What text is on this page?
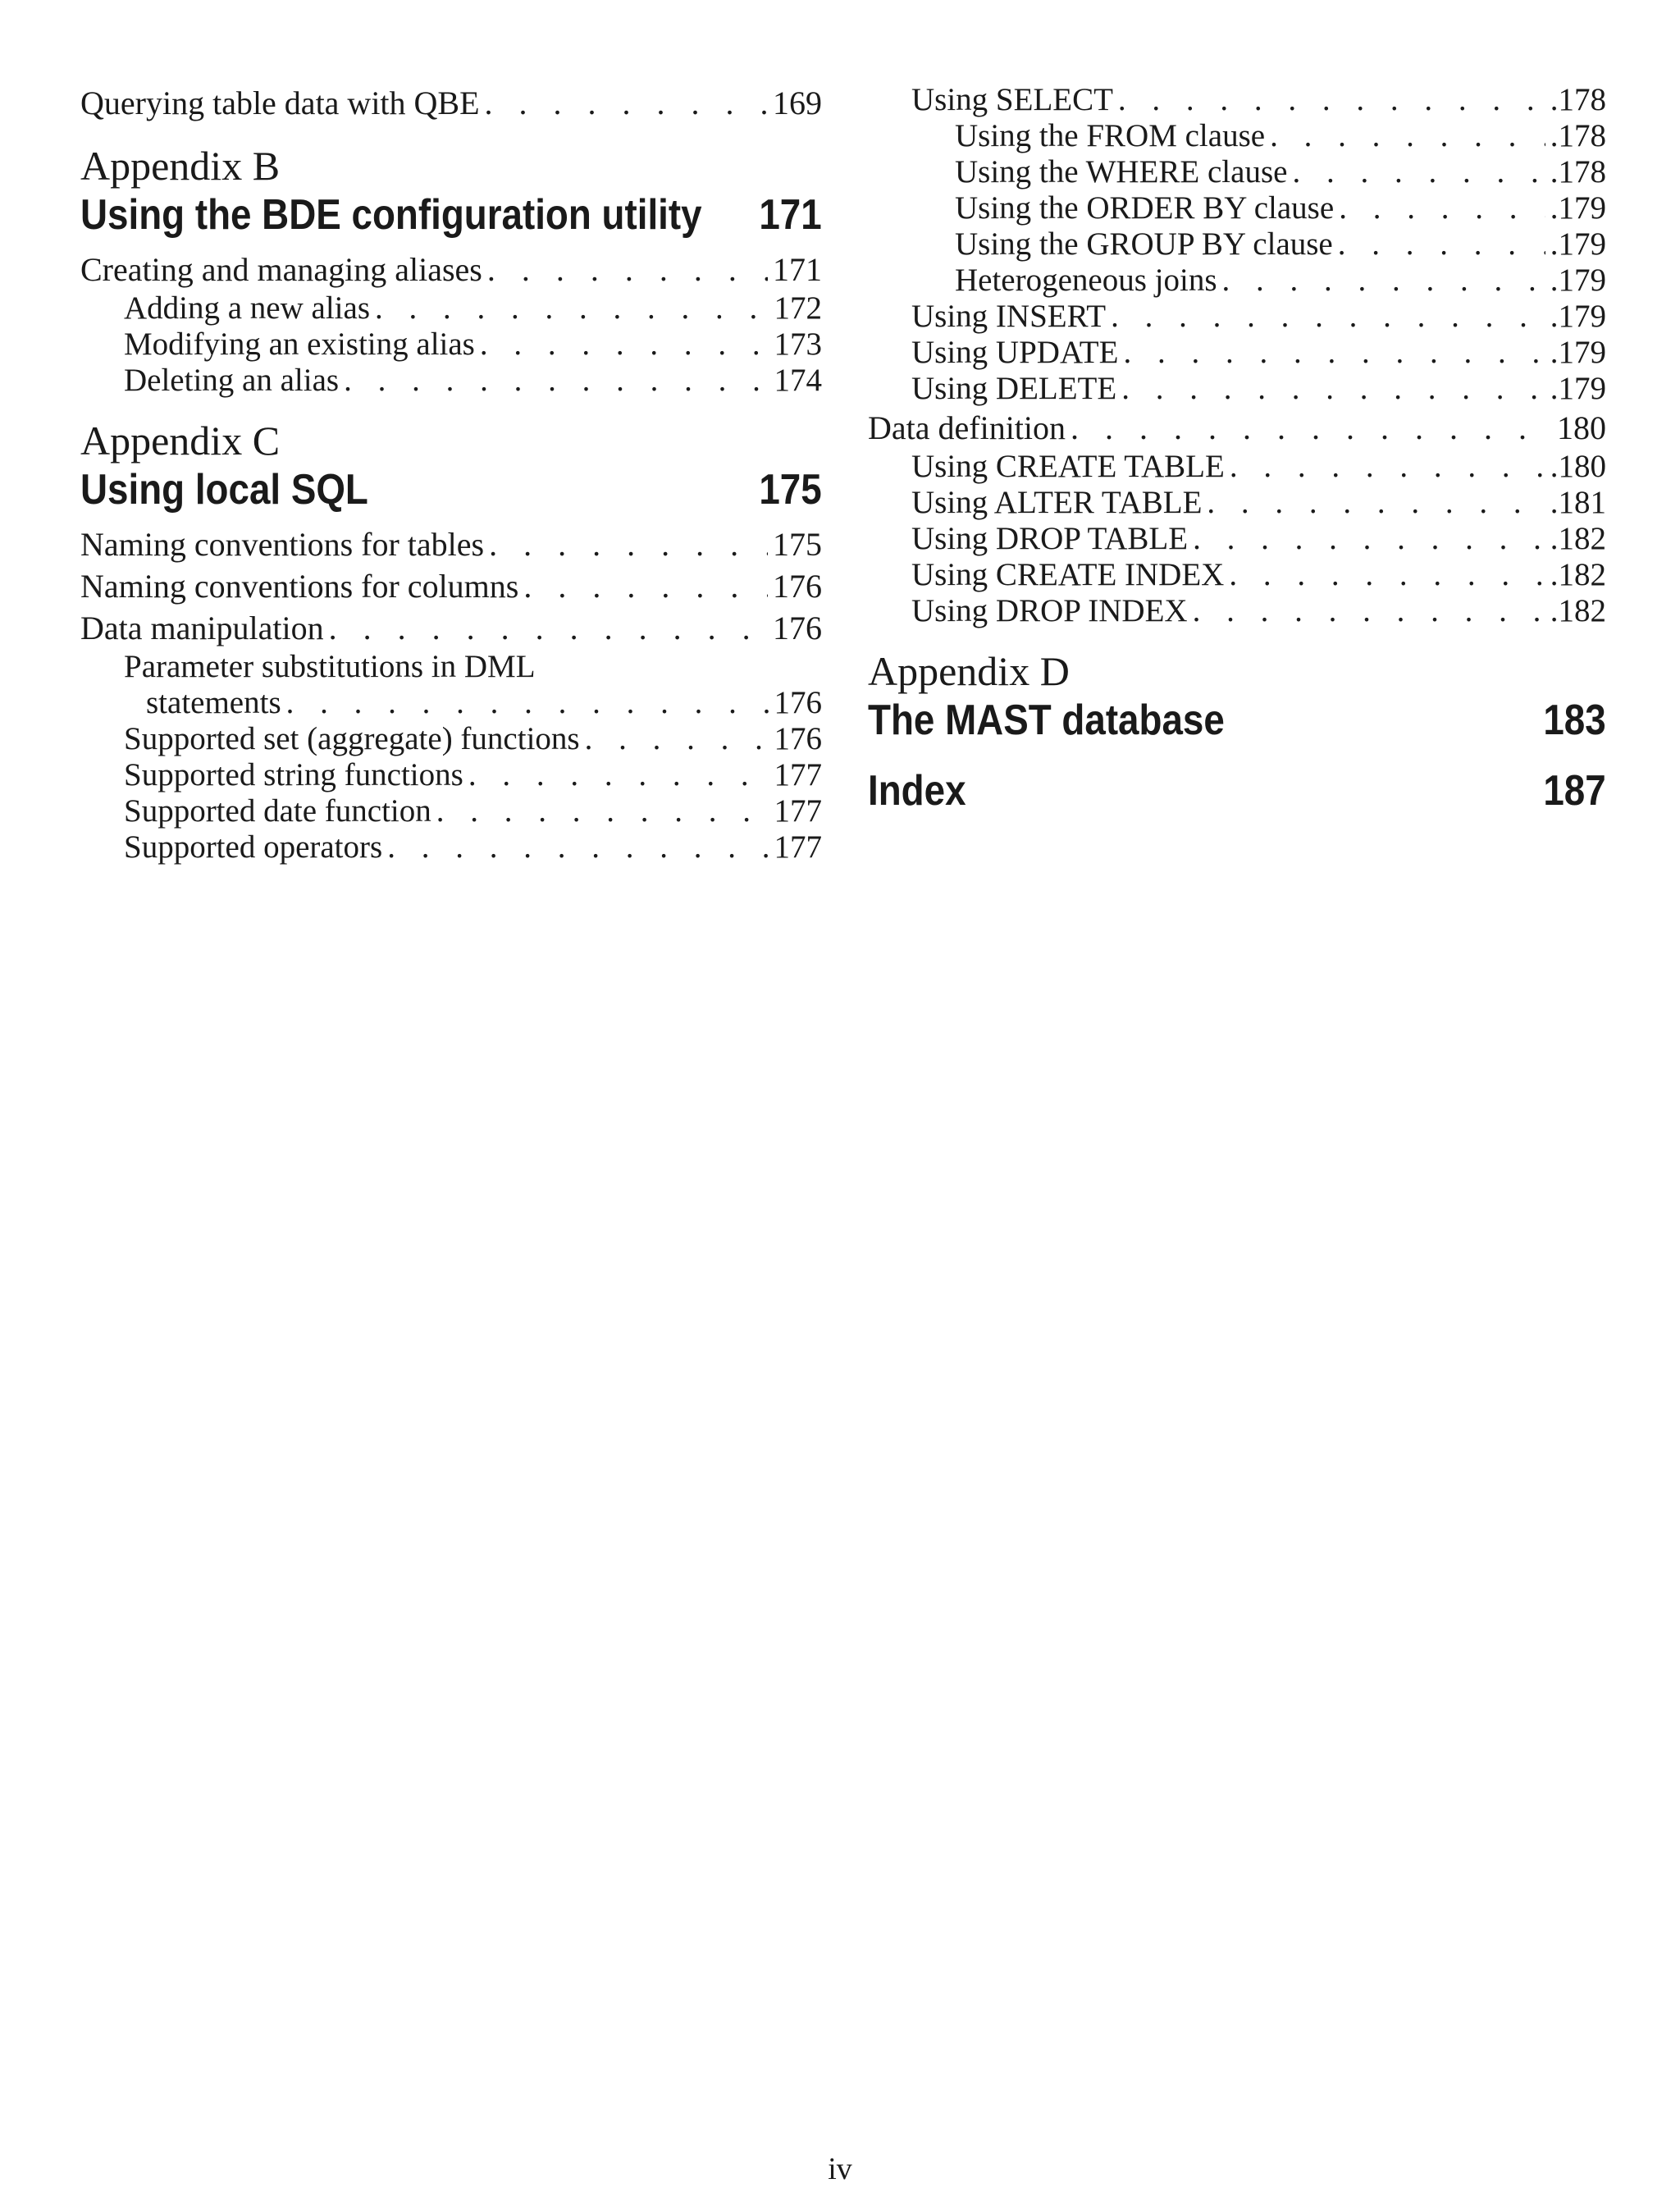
Querying table data with QBE . . .	169
Appendix B
Using the BDE configuration utility 171
Creating and managing aliases . . .	171
Adding a new alias . . .	172
Modifying an existing alias . . .	173
Deleting an alias . . .	174
Appendix C
Using local SQL	175
Naming conventions for tables . . .	175
Naming conventions for columns . . .	176
Data manipulation . . .	176
Parameter substitutions in DML
statements . . .	176
Supported set (aggregate) functions . . .	176
Supported string functions . . .	177
Supported date function . . .	177
Supported operators . . .	177
Using SELECT . . .	.178
Using the FROM clause . . .	.178
Using the WHERE clause . . .	.178
Using the ORDER BY clause . . .	.179
Using the GROUP BY clause . . .	.179
Heterogeneous joins . . .	.179
Using INSERT . . .	.179
Using UPDATE . . .	.179
Using DELETE . . .	.179
Data definition . . .	180
Using CREATE TABLE . . .	.180
Using ALTER TABLE . . .	.181
Using DROP TABLE . . .	.182
Using CREATE INDEX . . .	.182
Using DROP INDEX . . .	.182
Appendix D
The MAST database	183
Index	187
iv
